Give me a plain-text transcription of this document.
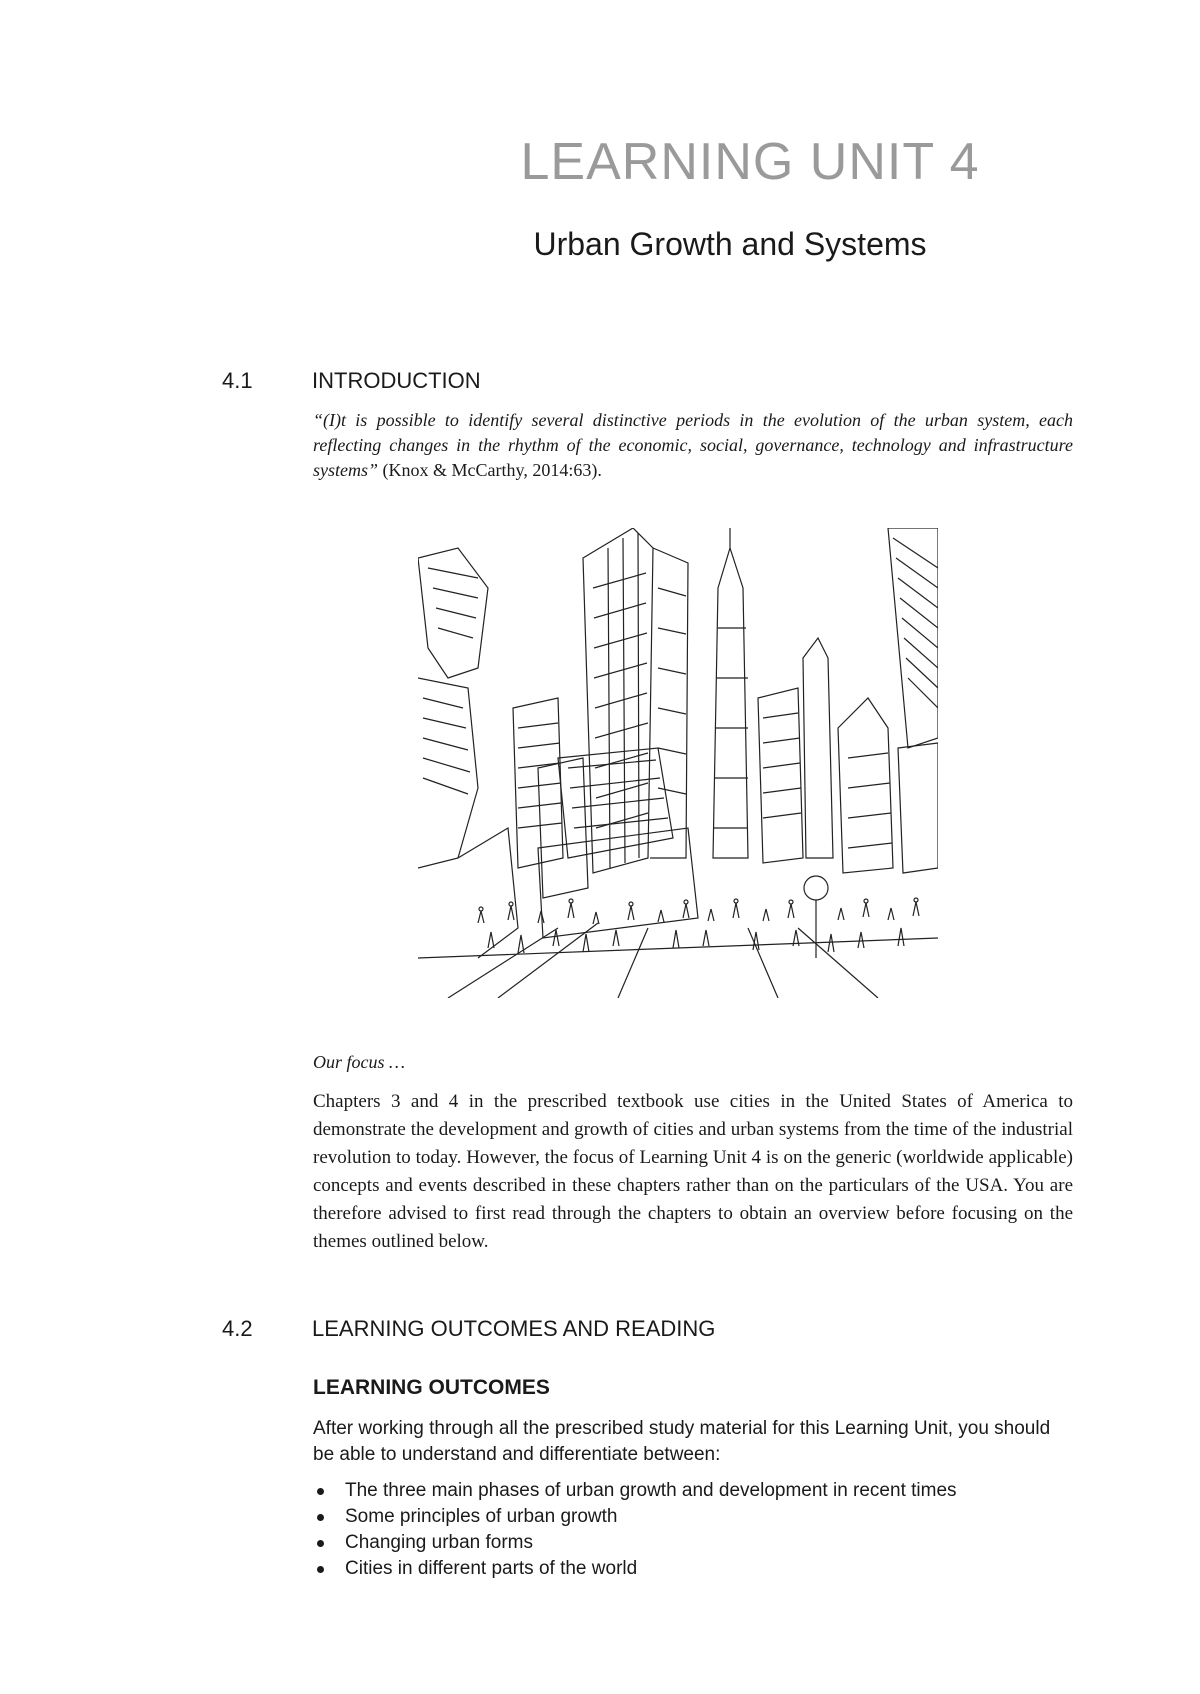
LEARNING UNIT 4
Urban Growth and Systems
4.1	INTRODUCTION

“(I)t is possible to identify several distinctive periods in the evolution of the urban system, each reflecting changes in the rhythm of the economic, social, governance, technology and infrastructure systems” (Knox & McCarthy, 2014:63).

Our focus …

Chapters 3 and 4 in the prescribed textbook use cities in the United States of America to demonstrate the development and growth of cities and urban systems from the time of the industrial revolution to today. However, the focus of Learning Unit 4 is on the generic (worldwide applicable) concepts and events described in these chapters rather than on the particulars of the USA. You are therefore advised to first read through the chapters to obtain an overview before focusing on the themes outlined below.

4.2	LEARNING OUTCOMES AND READING
LEARNING OUTCOMES

After working through all the prescribed study material for this Learning Unit, you should be able to understand and differentiate between:

The three main phases of urban growth and development in recent times
Some principles of urban growth
Changing urban forms
Cities in different parts of the world
